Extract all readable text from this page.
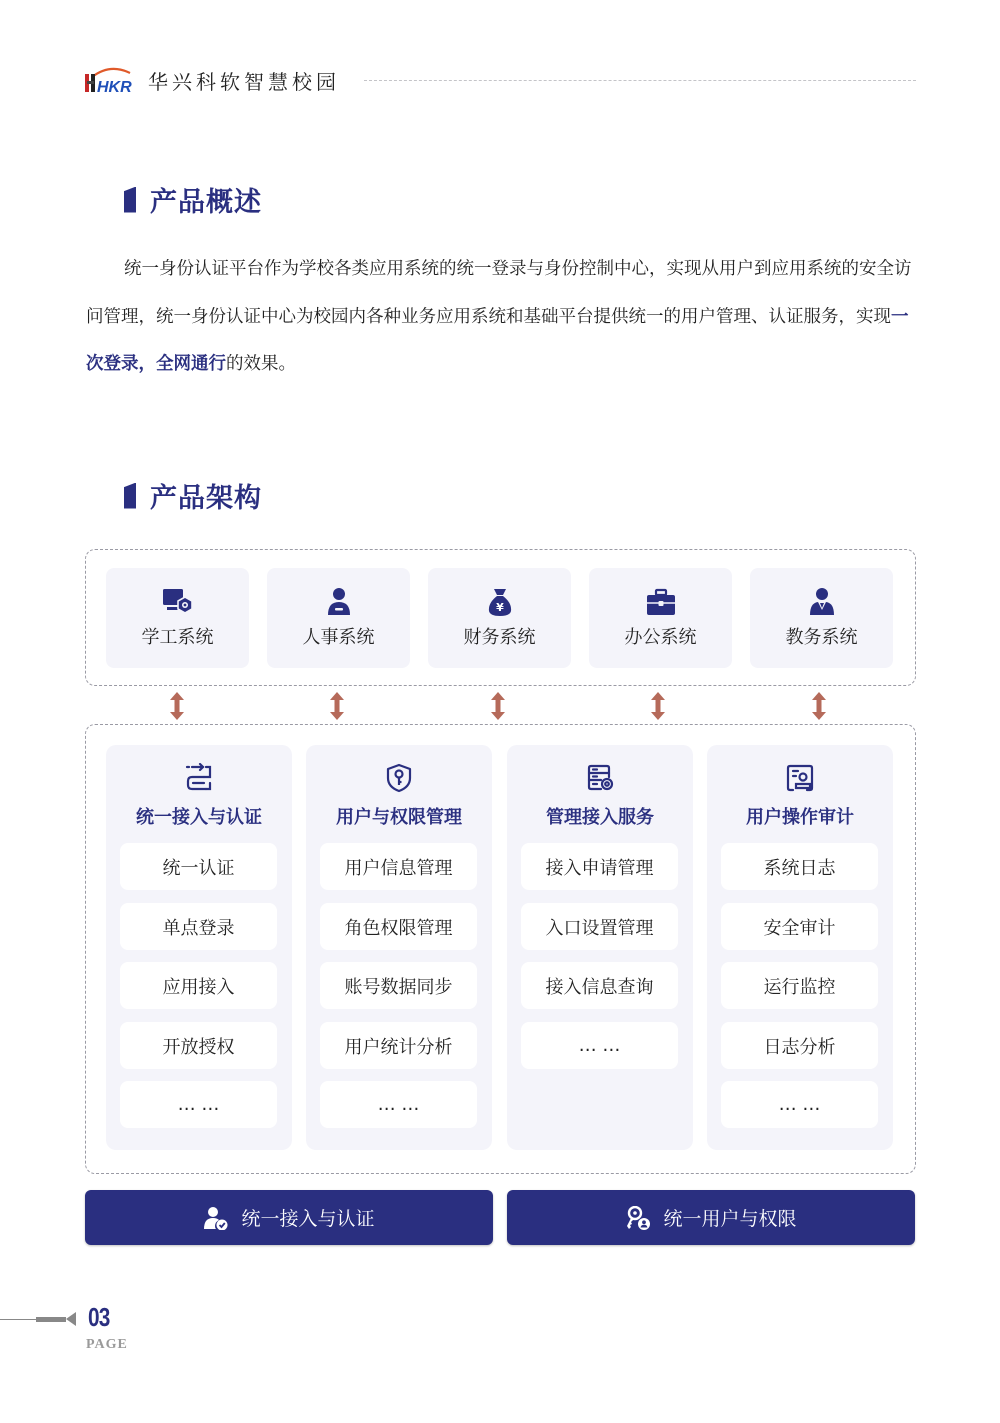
HKR 华兴科软智慧校园
产品概述

统一身份认证平台作为学校各类应用系统的统一登录与身份控制中心，实现从用户到应用系统的安全访问管理，统一身份认证中心为校园内各种业务应用系统和基础平台提供统一的用户管理、认证服务，实现一次登录，全网通行的效果。

产品架构
学工系统	人事系统
¥
财务系统	办公系统	教务系统
统一接入与认证
统一认证
单点登录
应用接入
开放授权
… …
用户与权限管理
用户信息管理
角色权限管理
账号数据同步
用户统计分析
… …
管理接入服务
接入申请管理
入口设置管理
接入信息查询
… …
用户操作审计
系统日志
安全审计
运行监控
日志分析
… …
统一接入与认证	统一用户与权限
03
PAGE
